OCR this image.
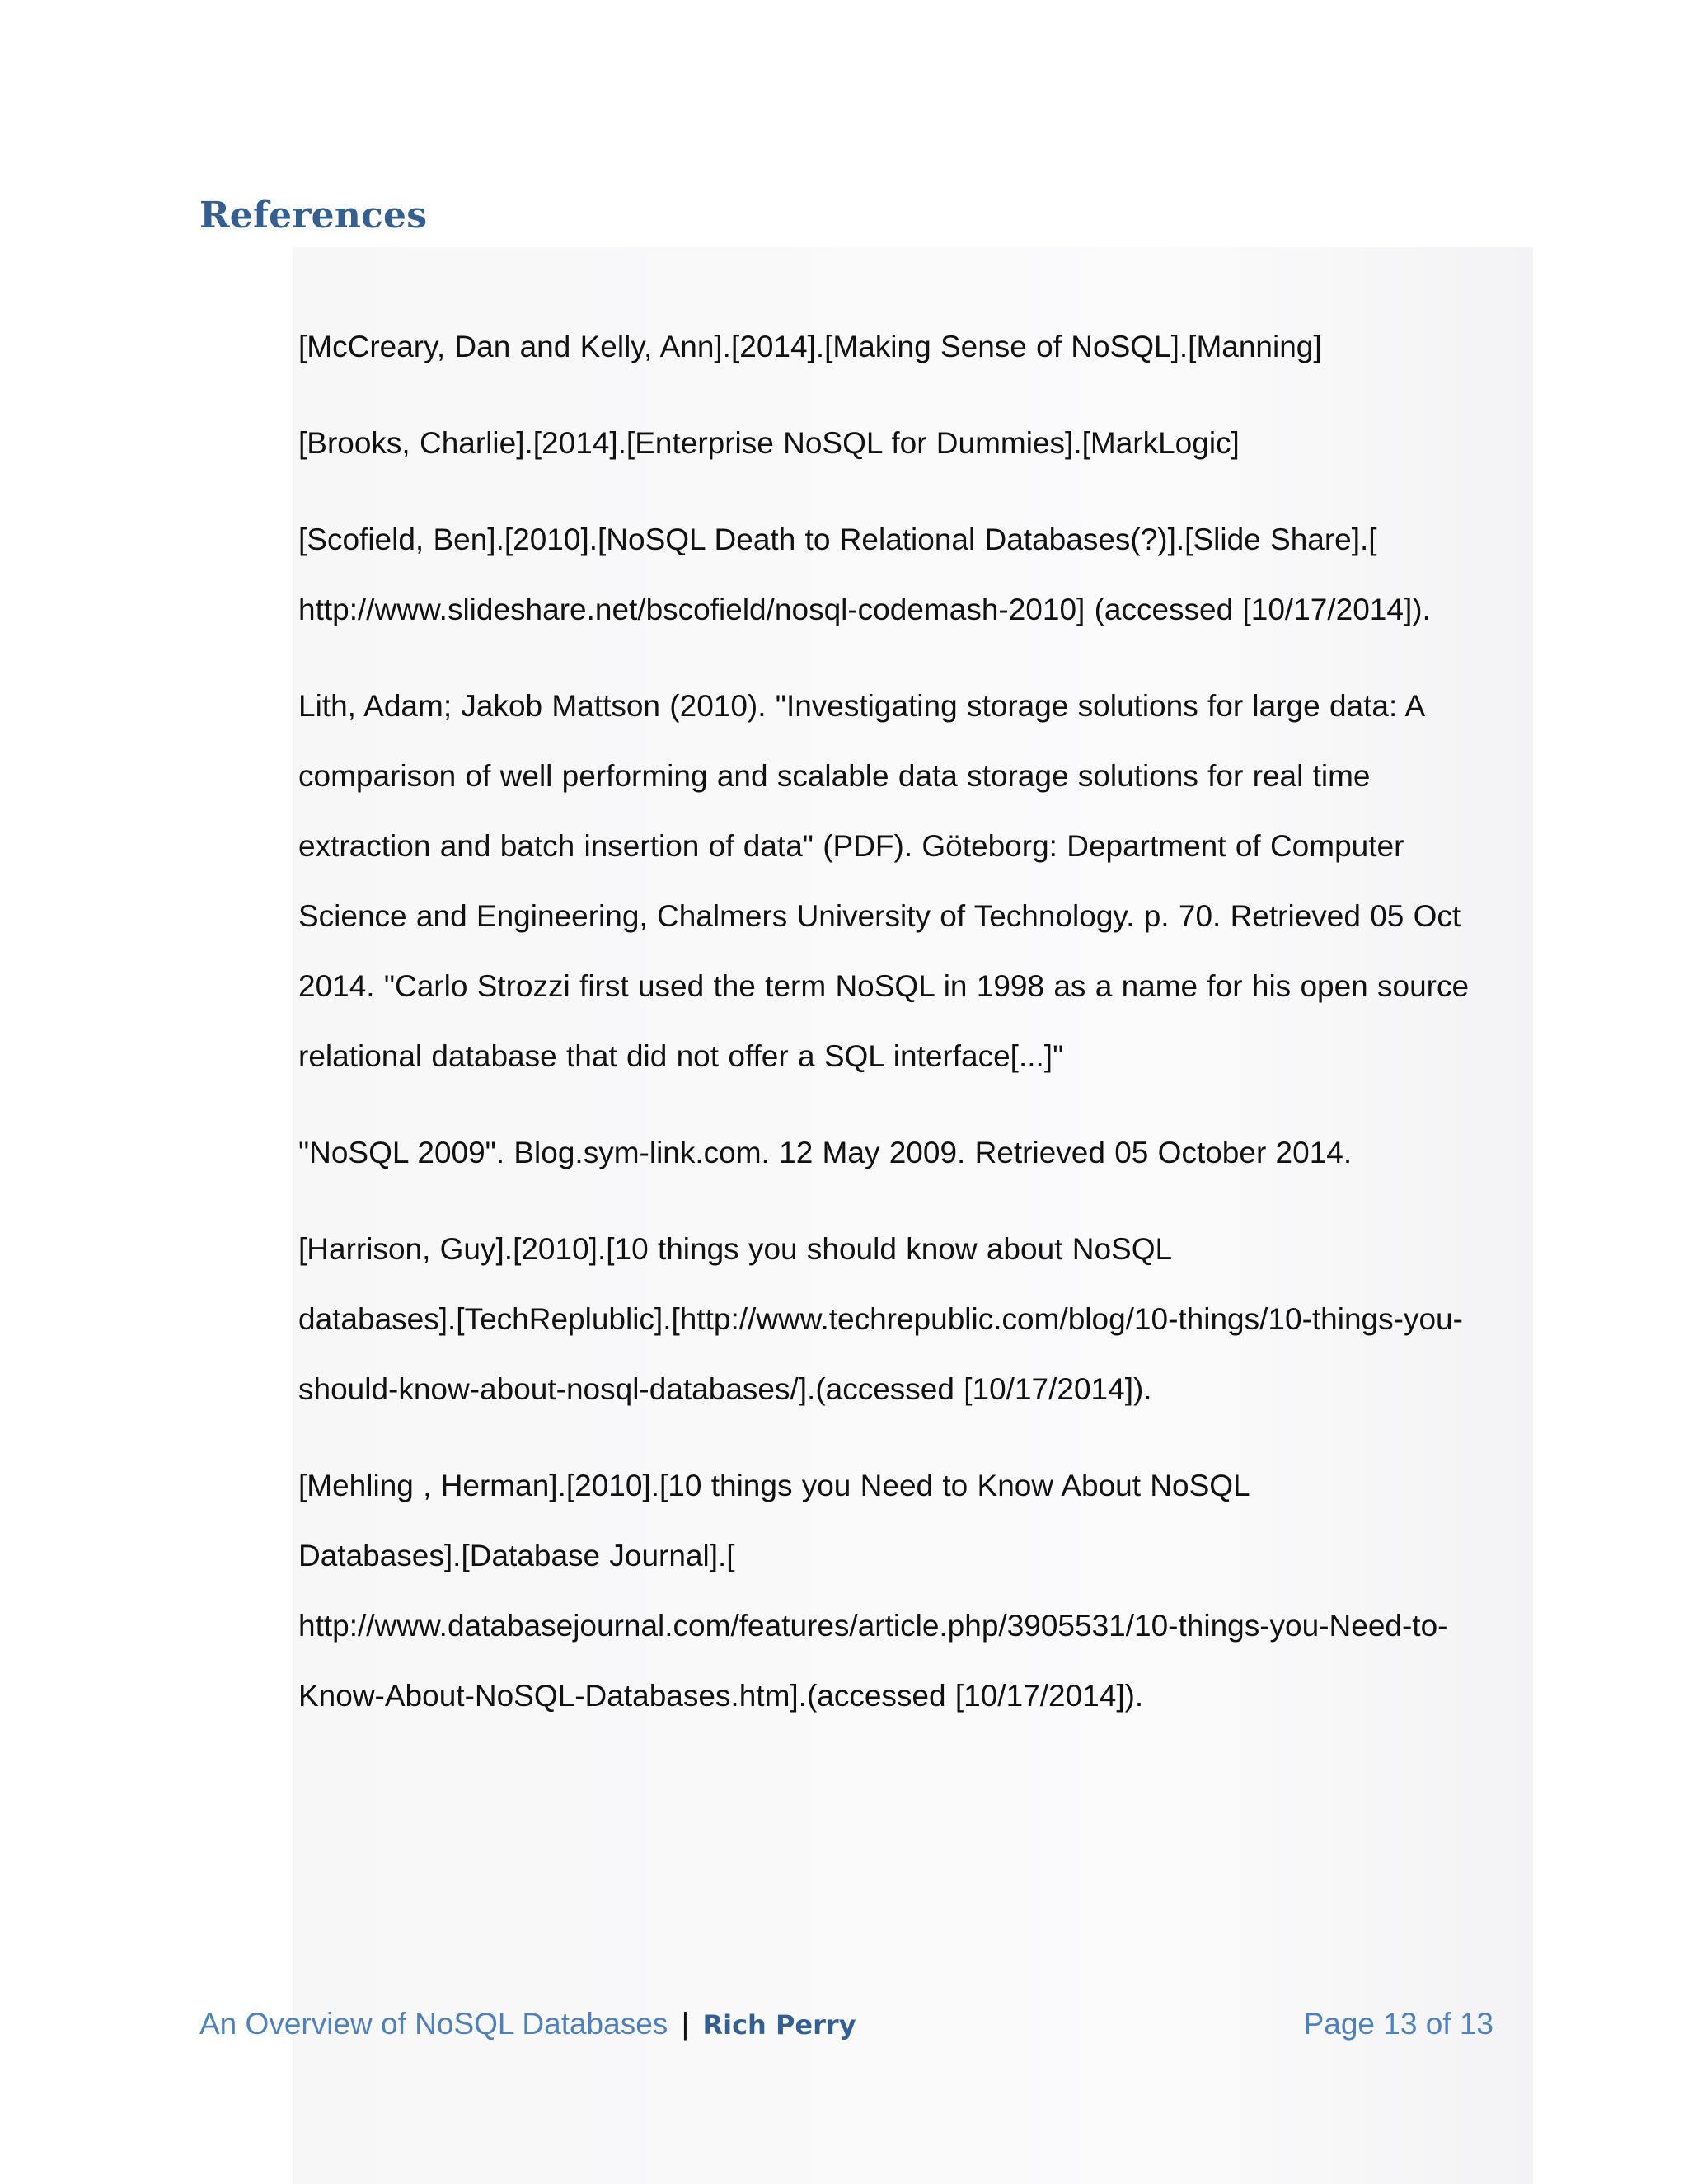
References
[McCreary, Dan and Kelly, Ann].[2014].[Making Sense of NoSQL].[Manning]
[Brooks, Charlie].[2014].[Enterprise NoSQL for Dummies].[MarkLogic]
[Scofield, Ben].[2010].[NoSQL Death to Relational Databases(?)].[Slide Share].[
http://www.slideshare.net/bscofield/nosql-codemash-2010] (accessed [10/17/2014]).
Lith, Adam; Jakob Mattson (2010). "Investigating storage solutions for large data: A
comparison of well performing and scalable data storage solutions for real time
extraction and batch insertion of data" (PDF). Göteborg: Department of Computer
Science and Engineering, Chalmers University of Technology. p. 70. Retrieved 05 Oct
2014. "Carlo Strozzi first used the term NoSQL in 1998 as a name for his open source
relational database that did not offer a SQL interface[...]"
"NoSQL 2009". Blog.sym-link.com. 12 May 2009. Retrieved 05 October 2014.
[Harrison, Guy].[2010].[10 things you should know about NoSQL
databases].[TechReplublic].[http://www.techrepublic.com/blog/10-things/10-things-you-
should-know-about-nosql-databases/].(accessed [10/17/2014]).
[Mehling , Herman].[2010].[10 things you Need to Know About NoSQL
Databases].[Database Journal].[
http://www.databasejournal.com/features/article.php/3905531/10-things-you-Need-to-
Know-About-NoSQL-Databases.htm].(accessed [10/17/2014]).
An Overview of NoSQL Databases | Rich Perry	Page 13 of 13
